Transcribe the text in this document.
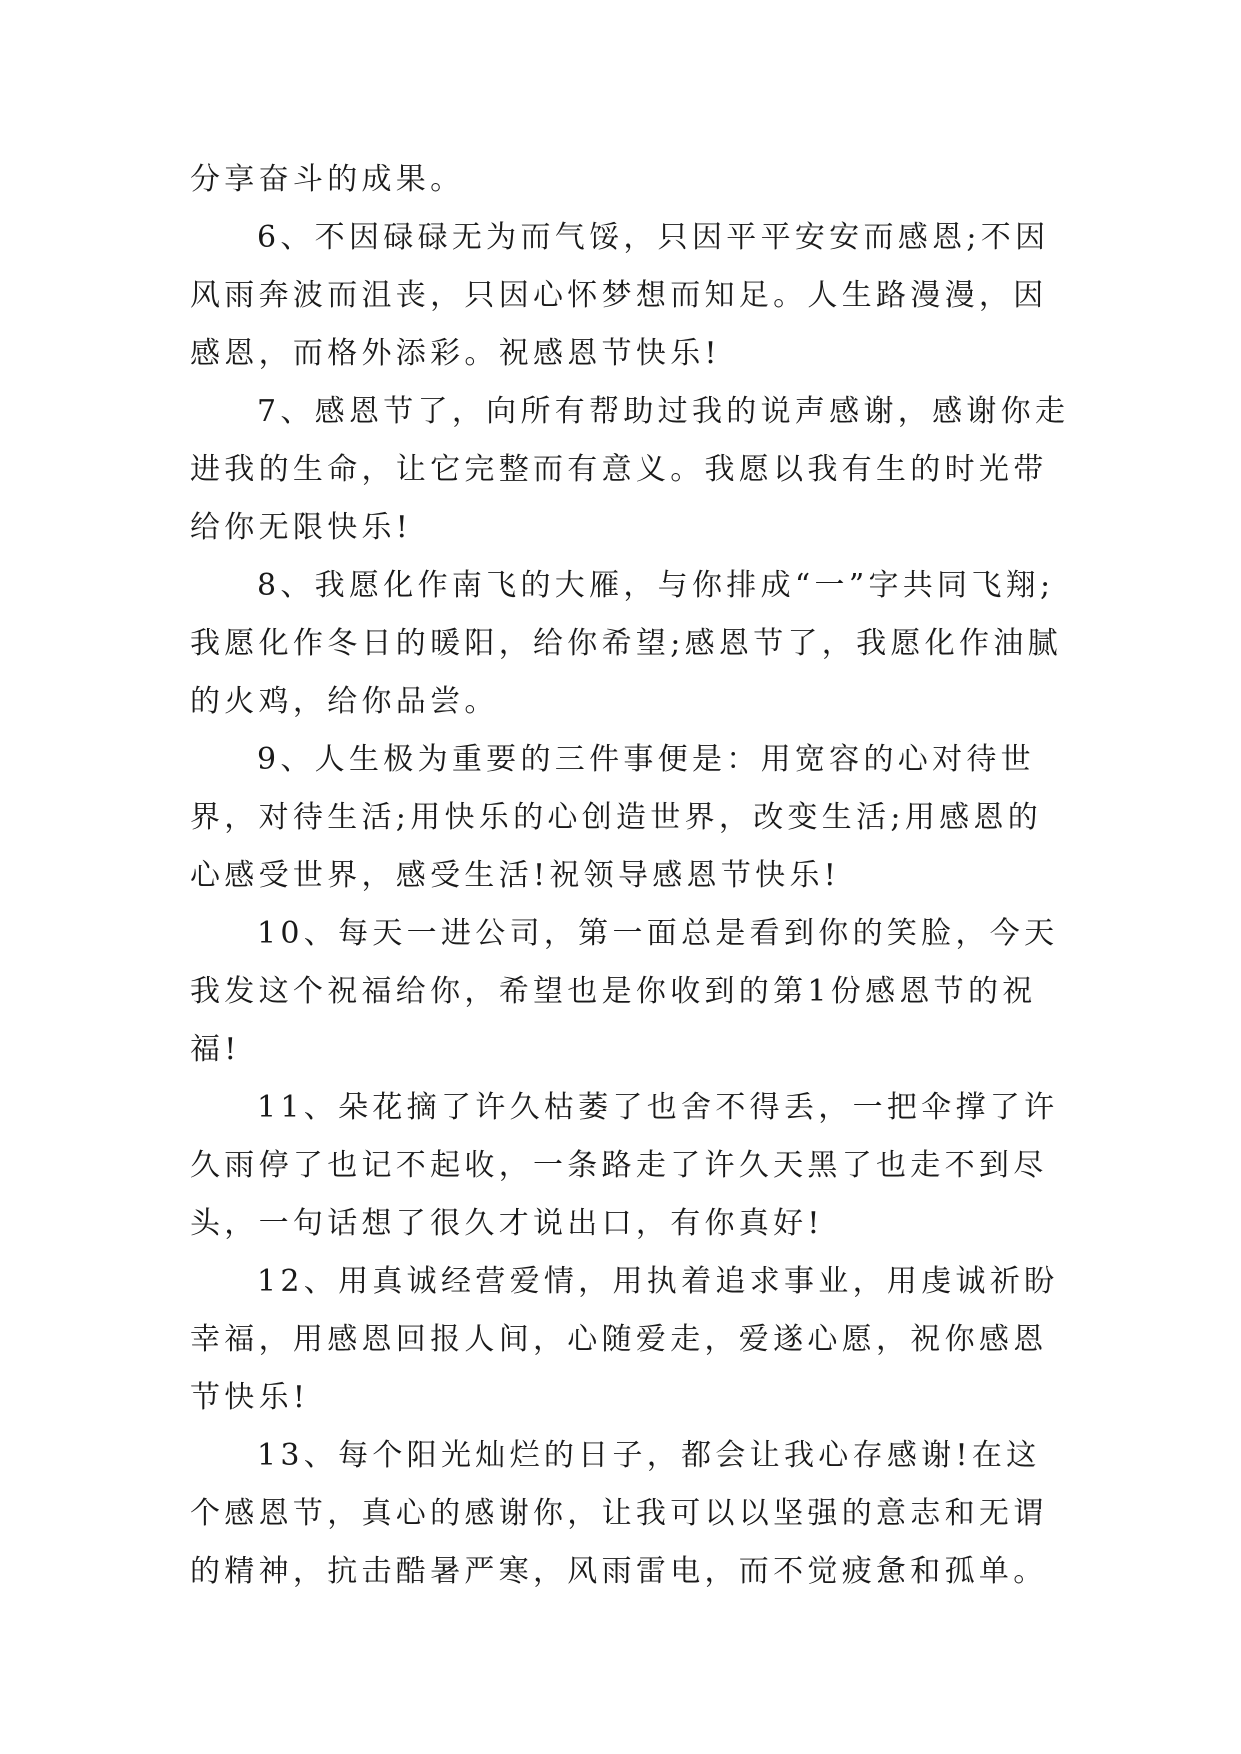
分享奋斗的成果。

6、不因碌碌无为而气馁，只因平平安安而感恩;不因风雨奔波而沮丧，只因心怀梦想而知足。人生路漫漫，因感恩，而格外添彩。祝感恩节快乐!

7、感恩节了，向所有帮助过我的说声感谢，感谢你走进我的生命，让它完整而有意义。我愿以我有生的时光带给你无限快乐!

8、我愿化作南飞的大雁，与你排成“一”字共同飞翔;我愿化作冬日的暖阳，给你希望;感恩节了，我愿化作油腻的火鸡，给你品尝。

9、人生极为重要的三件事便是：用宽容的心对待世界，对待生活;用快乐的心创造世界，改变生活;用感恩的心感受世界，感受生活!祝领导感恩节快乐!

10、每天一进公司，第一面总是看到你的笑脸，今天我发这个祝福给你，希望也是你收到的第1份感恩节的祝福!

11、朵花摘了许久枯萎了也舍不得丢，一把伞撑了许久雨停了也记不起收，一条路走了许久天黑了也走不到尽头，一句话想了很久才说出口，有你真好!

12、用真诚经营爱情，用执着追求事业，用虔诚祈盼幸福，用感恩回报人间，心随爱走，爱遂心愿，祝你感恩节快乐!

13、每个阳光灿烂的日子，都会让我心存感谢!在这个感恩节，真心的感谢你，让我可以以坚强的意志和无谓的精神，抗击酷暑严寒，风雨雷电，而不觉疲惫和孤单。
